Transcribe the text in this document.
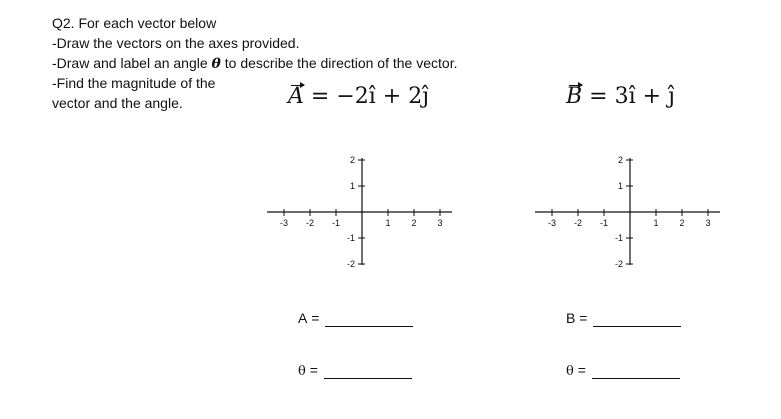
Q2. For each vector below
-Draw the vectors on the axes provided.
-Draw and label an angle θ to describe the direction of the vector.
-Find the magnitude of the
vector and the angle.	A = −2î + 2ĵ	B = 3î + ĵ
-3 -2 -1	1 2 3
2
1
-1
-2
-3 -2 -1	1 2 3
2
1
-1
-2
A =
θ =
B =
θ =
